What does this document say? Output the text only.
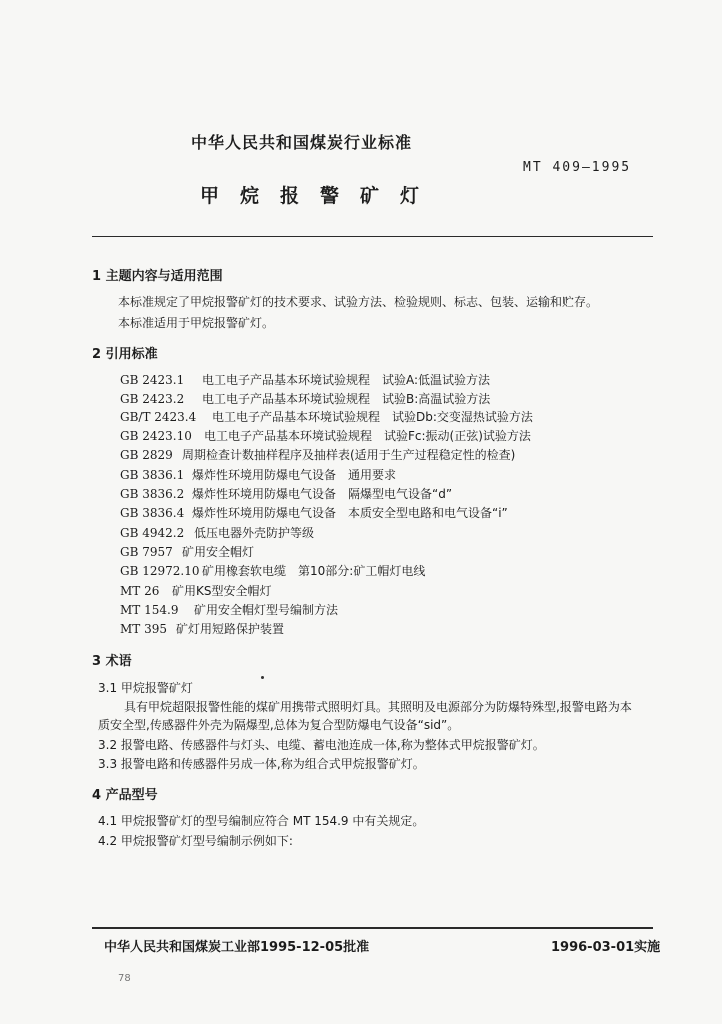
中华人民共和国煤炭行业标准
MT 409—1995
甲烷报警矿灯
1 主题内容与适用范围
本标准规定了甲烷报警矿灯的技术要求、试验方法、检验规则、标志、包装、运输和贮存。
本标准适用于甲烷报警矿灯。
2 引用标准
GB 2423.1 电工电子产品基本环境试验规程　试验A:低温试验方法
GB 2423.2 电工电子产品基本环境试验规程　试验B:高温试验方法
GB/T 2423.4 电工电子产品基本环境试验规程　试验Db:交变湿热试验方法
GB 2423.10 电工电子产品基本环境试验规程　试验Fc:振动(正弦)试验方法
GB 2829 周期检查计数抽样程序及抽样表(适用于生产过程稳定性的检查)
GB 3836.1 爆炸性环境用防爆电气设备　通用要求
GB 3836.2 爆炸性环境用防爆电气设备　隔爆型电气设备“d”
GB 3836.4 爆炸性环境用防爆电气设备　本质安全型电路和电气设备“i”
GB 4942.2 低压电器外壳防护等级
GB 7957 矿用安全帽灯
GB 12972.10 矿用橡套软电缆　第10部分:矿工帽灯电线
MT 26 矿用KS型安全帽灯
MT 154.9 矿用安全帽灯型号编制方法
MT 395 矿灯用短路保护装置
3 术语
3.1 甲烷报警矿灯
具有甲烷超限报警性能的煤矿用携带式照明灯具。其照明及电源部分为防爆特殊型,报警电路为本
质安全型,传感器件外壳为隔爆型,总体为复合型防爆电气设备“sid”。
3.2 报警电路、传感器件与灯头、电缆、蓄电池连成一体,称为整体式甲烷报警矿灯。
3.3 报警电路和传感器件另成一体,称为组合式甲烷报警矿灯。
4 产品型号
4.1 甲烷报警矿灯的型号编制应符合 MT 154.9 中有关规定。
4.2 甲烷报警矿灯型号编制示例如下:
中华人民共和国煤炭工业部1995-12-05批准	1996-03-01实施
78
